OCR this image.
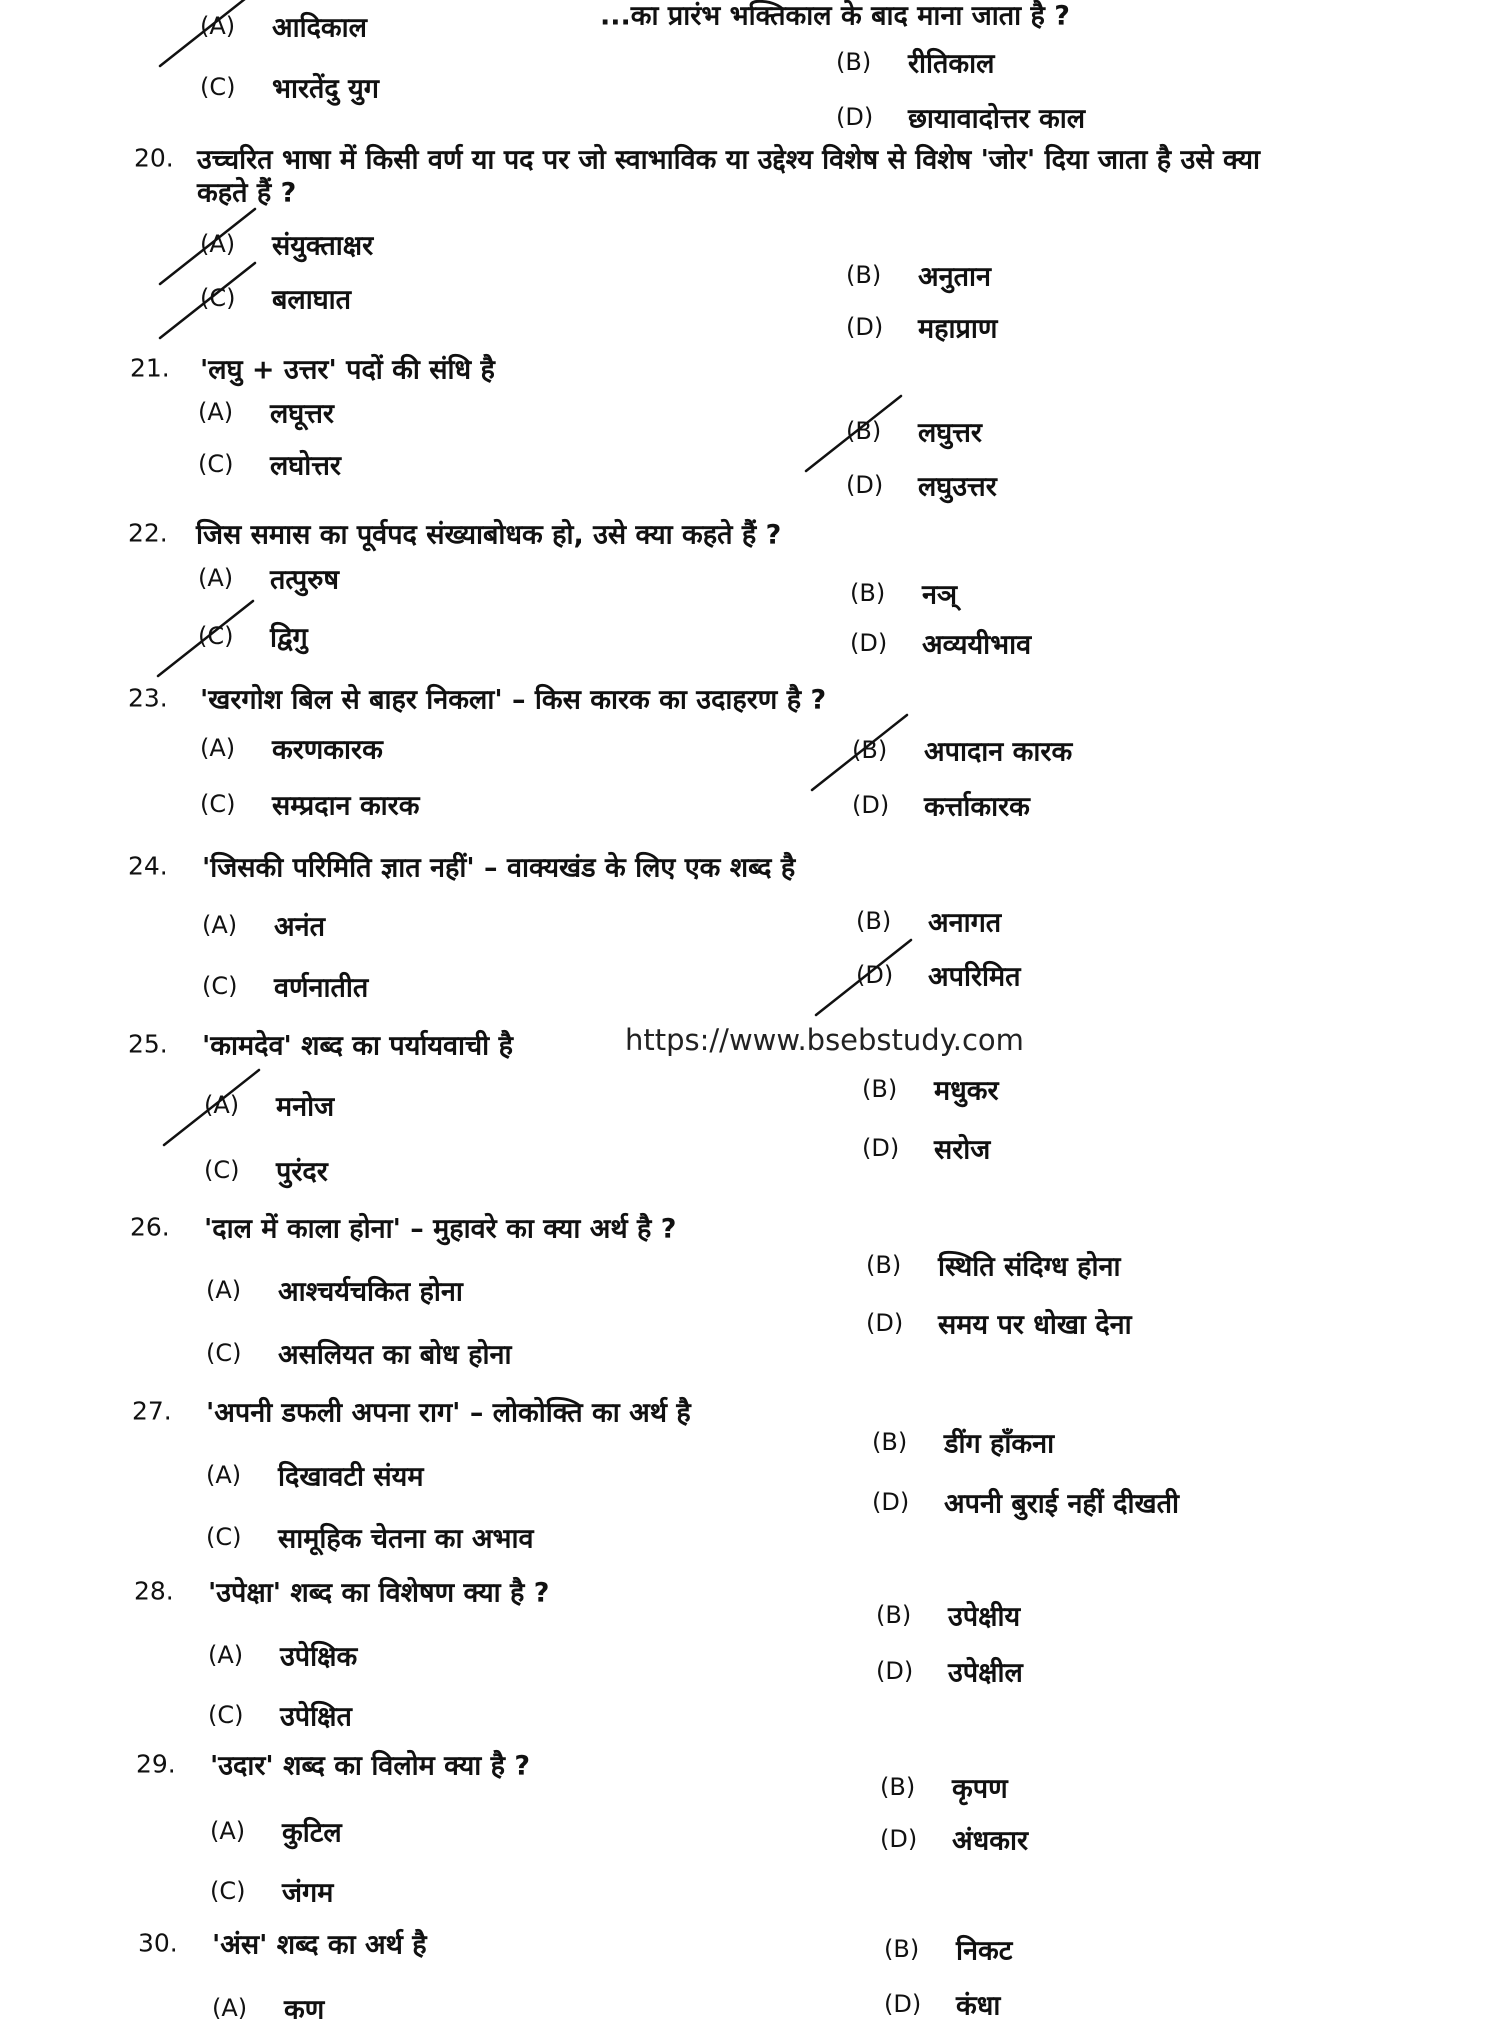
...का प्रारंभ भक्तिकाल के बाद माना जाता है ?
https://www.bsebstudy.com
(A) आदिकाल
(B) रीतिकाल
(C) भारतेंदु युग
(D) छायावादोत्तर काल
20. उच्चरित भाषा में किसी वर्ण या पद पर जो स्वाभाविक या उद्देश्य विशेष से विशेष 'जोर' दिया जाता है उसे क्या
कहते हैं ?
(A) संयुक्ताक्षर
(B) अनुतान
(C) बलाघात
(D) महाप्राण
21. 'लघु + उत्तर' पदों की संधि है
(A) लघूत्तर
(B) लघुत्तर
(C) लघोत्तर
(D) लघुउत्तर
22. जिस समास का पूर्वपद संख्याबोधक हो, उसे क्या कहते हैं ?
(A) तत्पुरुष	(B) नञ्
(C) द्विगु	(D) अव्ययीभाव
23. 'खरगोश बिल से बाहर निकला' – किस कारक का उदाहरण है ?
(A) करणकारक	(B) अपादान कारक
(C) सम्प्रदान कारक	(D) कर्त्ताकारक
24. 'जिसकी परिमिति ज्ञात नहीं' – वाक्यखंड के लिए एक शब्द है
(A) अनंत	(B) अनागत
(C) वर्णनातीत	(D) अपरिमित
25. 'कामदेव' शब्द का पर्यायवाची है
(A) मनोज
(B) मधुकर
(C) पुरंदर
(D) सरोज
26. 'दाल में काला होना' – मुहावरे का क्या अर्थ है ?
(A) आश्चर्यचकित होना
(B) स्थिति संदिग्ध होना
(C) असलियत का बोध होना
(D) समय पर धोखा देना
27. 'अपनी डफली अपना राग' – लोकोक्ति का अर्थ है
(A) दिखावटी संयम
(B) डींग हाँकना
(C) सामूहिक चेतना का अभाव
(D) अपनी बुराई नहीं दीखती
28. 'उपेक्षा' शब्द का विशेषण क्या है ?
(A) उपेक्षिक
(B) उपेक्षीय
(C) उपेक्षित
(D) उपेक्षील
29. 'उदार' शब्द का विलोम क्या है ?
(A) कुटिल
(B) कृपण
(C) जंगम
(D) अंधकार
30. 'अंस' शब्द का अर्थ है
(A) कण
(B) निकट
(D) कंधा
